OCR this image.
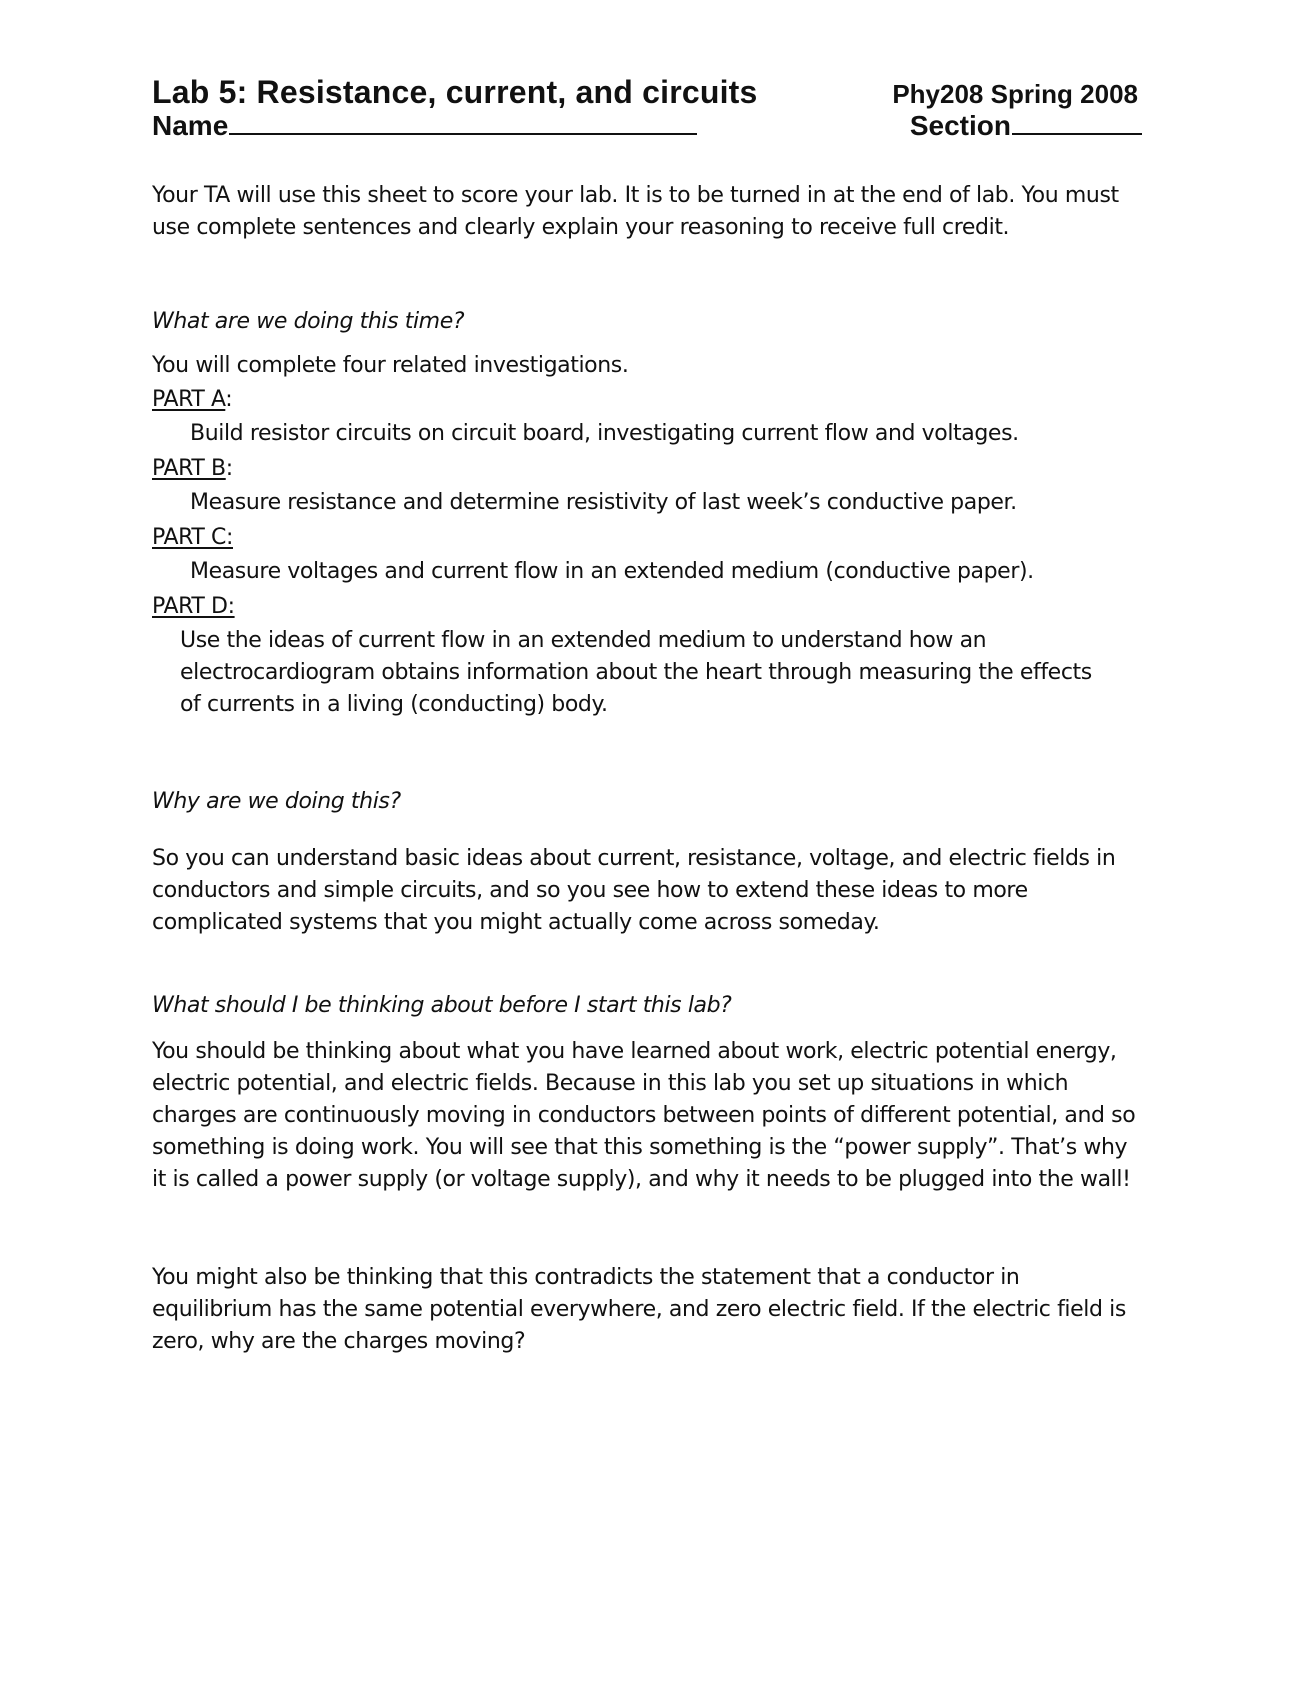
Lab 5: Resistance, current, and circuits	Phy208 Spring 2008
Name	Section
Your TA will use this sheet to score your lab. It is to be turned in at the end of lab. You must use complete sentences and clearly explain your reasoning to receive full credit.
What are we doing this time?
You will complete four related investigations.
PART A:
Build resistor circuits on circuit board, investigating current flow and voltages.
PART B:
Measure resistance and determine resistivity of last week’s conductive paper.
PART C:
Measure voltages and current flow in an extended medium (conductive paper).
PART D:
Use the ideas of current flow in an extended medium to understand how an
electrocardiogram obtains information about the heart through measuring the effects
of currents in a living (conducting) body.
Why are we doing this?
So you can understand basic ideas about current, resistance, voltage, and electric fields in conductors and simple circuits, and so you see how to extend these ideas to more complicated systems that you might actually come across someday.
What should I be thinking about before I start this lab?
You should be thinking about what you have learned about work, electric potential energy, electric potential, and electric fields. Because in this lab you set up situations in which charges are continuously moving in conductors between points of different potential, and so something is doing work. You will see that this something is the “power supply”. That’s why it is called a power supply (or voltage supply), and why it needs to be plugged into the wall!
You might also be thinking that this contradicts the statement that a conductor in equilibrium has the same potential everywhere, and zero electric field. If the electric field is zero, why are the charges moving?
